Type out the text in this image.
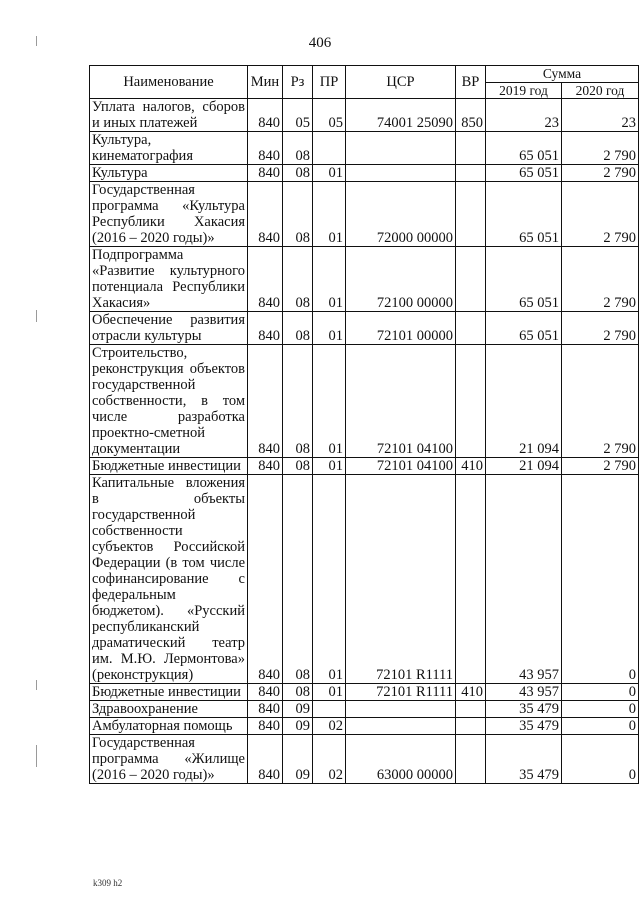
406
Наименование	Мин	Рз	ПР	ЦСР	ВР	Сумма	
						2019 год	2020 год
Уплата налогов, сборов и иных платежей	840	05	05	74001 25090	850	23	23
Культура, кинематография	840	08				65 051	2 790
Культура	840	08	01			65 051	2 790
Государственная программа «Культура Республики Хакасия (2016 – 2020 годы)»	840	08	01	72000 00000		65 051	2 790
Подпрограмма «Развитие культурного потенциала Республики Хакасия»	840	08	01	72100 00000		65 051	2 790
Обеспечение развития отрасли культуры	840	08	01	72101 00000		65 051	2 790
Строительство, реконструкция объектов государственной собственности, в том числе разработка проектно-сметной документации	840	08	01	72101 04100		21 094	2 790
Бюджетные инвестиции	840	08	01	72101 04100	410	21 094	2 790
Капитальные вложения в объекты государственной собственности субъектов Российской Федерации (в том числе софинансирование с федеральным бюджетом). «Русский республиканский драматический театр им. М.Ю. Лермонтова» (реконструкция)	840	08	01	72101 R1111		43 957	0
Бюджетные инвестиции	840	08	01	72101 R1111	410	43 957	0
Здравоохранение	840	09				35 479	0
Амбулаторная помощь	840	09	02			35 479	0
Государственная программа «Жилище (2016 – 2020 годы)»	840	09	02	63000 00000		35 479	0
k309 h2
